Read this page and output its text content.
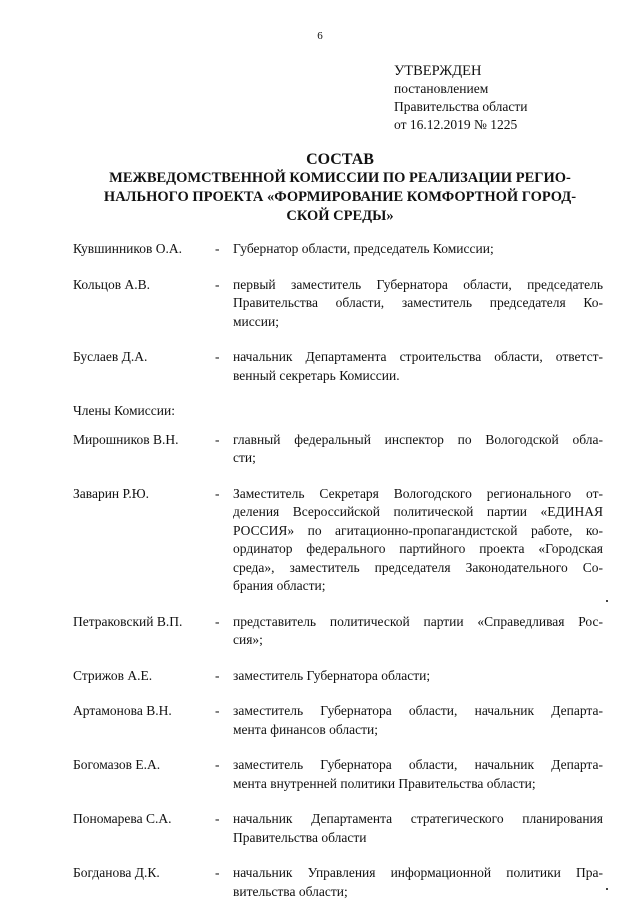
6
УТВЕРЖДЕН
постановлением
Правительства области
от 16.12.2019 № 1225
СОСТАВ
МЕЖВЕДОМСТВЕННОЙ КОМИССИИ ПО РЕАЛИЗАЦИИ РЕГИО-
НАЛЬНОГО ПРОЕКТА «ФОРМИРОВАНИЕ КОМФОРТНОЙ ГОРОД-
СКОЙ СРЕДЫ»
Кувшинников О.А.	-	Губернатор области, председатель Комиссии;
Кольцов А.В.	-	первый заместитель Губернатора области, председатель
Правительства области, заместитель председателя Ко-
миссии;
Буслаев Д.А.	-	начальник Департамента строительства области, ответст-
венный секретарь Комиссии.
Члены Комиссии:
Мирошников В.Н.	-	главный федеральный инспектор по Вологодской обла-
сти;
Заварин Р.Ю.	-	Заместитель Секретаря Вологодского регионального от-
деления Всероссийской политической партии «ЕДИНАЯ
РОССИЯ» по агитационно-пропагандистской работе, ко-
ординатор федерального партийного проекта «Городская
среда», заместитель председателя Законодательного Со-
брания области;
Петраковский В.П.	-	представитель политической партии «Справедливая Рос-
сия»;
Стрижов А.Е.	-	заместитель Губернатора области;
Артамонова В.Н.	-	заместитель Губернатора области, начальник Департа-
мента финансов области;
Богомазов Е.А.	-	заместитель Губернатора области, начальник Департа-
мента внутренней политики Правительства области;
Пономарева С.А.	-	начальник Департамента стратегического планирования
Правительства области
Богданова Д.К.	-	начальник Управления информационной политики Пра-
вительства области;
